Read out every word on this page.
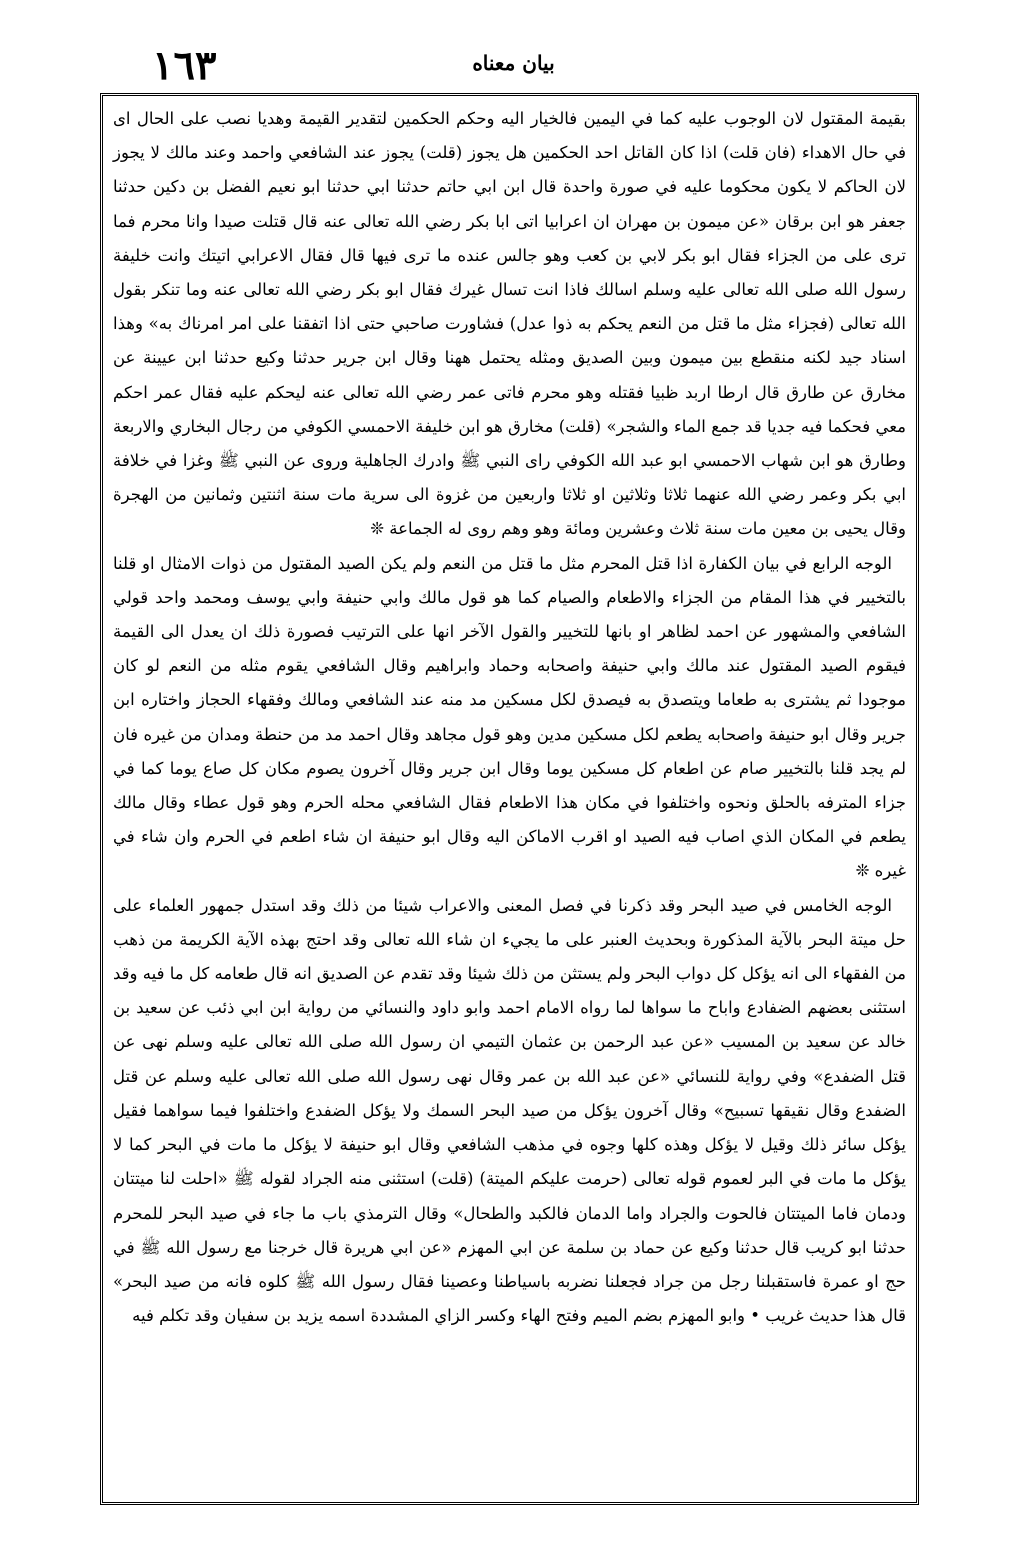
١٦٣	بيان معناه

بقيمة المقتول لان الوجوب عليه كما في اليمين فالخيار اليه وحكم الحكمين لتقدير القيمة وهديا نصب على الحال اى في حال الاهداء (فان قلت) اذا كان القاتل احد الحكمين هل يجوز (قلت) يجوز عند الشافعي واحمد وعند مالك لا يجوز لان الحاكم لا يكون محكوما عليه في صورة واحدة قال ابن ابي حاتم حدثنا ابي حدثنا ابو نعيم الفضل بن دكين حدثنا جعفر هو ابن برقان «عن ميمون بن مهران ان اعرابيا اتى ابا بكر رضي الله تعالى عنه قال قتلت صيدا وانا محرم فما ترى على من الجزاء فقال ابو بكر لابي بن كعب وهو جالس عنده ما ترى فيها قال فقال الاعرابي اتيتك وانت خليفة رسول الله صلى الله تعالى عليه وسلم اسالك فاذا انت تسال غيرك فقال ابو بكر رضي الله تعالى عنه وما تنكر بقول الله تعالى (فجزاء مثل ما قتل من النعم يحكم به ذوا عدل) فشاورت صاحبي حتى اذا اتفقنا على امر امرناك به» وهذا اسناد جيد لكنه منقطع بين ميمون وبين الصديق ومثله يحتمل ههنا وقال ابن جرير حدثنا وكيع حدثنا ابن عيينة عن مخارق عن طارق قال ارطا اربد ظبيا فقتله وهو محرم فاتى عمر رضي الله تعالى عنه ليحكم عليه فقال عمر احكم معي فحكما فيه جديا قد جمع الماء والشجر» (قلت) مخارق هو ابن خليفة الاحمسي الكوفي من رجال البخاري والاربعة وطارق هو ابن شهاب الاحمسي ابو عبد الله الكوفي راى النبي ﷺ وادرك الجاهلية وروى عن النبي ﷺ وغزا في خلافة ابي بكر وعمر رضي الله عنهما ثلاثا وثلاثين او ثلاثا واربعين من غزوة الى سرية مات سنة اثنتين وثمانين من الهجرة وقال يحيى بن معين مات سنة ثلاث وعشرين ومائة وهو وهم روى له الجماعة ❊

الوجه الرابع في بيان الكفارة اذا قتل المحرم مثل ما قتل من النعم ولم يكن الصيد المقتول من ذوات الامثال او قلنا بالتخيير في هذا المقام من الجزاء والاطعام والصيام كما هو قول مالك وابي حنيفة وابي يوسف ومحمد واحد قولي الشافعي والمشهور عن احمد لظاهر او بانها للتخيير والقول الآخر انها على الترتيب فصورة ذلك ان يعدل الى القيمة فيقوم الصيد المقتول عند مالك وابي حنيفة واصحابه وحماد وابراهيم وقال الشافعي يقوم مثله من النعم لو كان موجودا ثم يشترى به طعاما ويتصدق به فيصدق لكل مسكين مد منه عند الشافعي ومالك وفقهاء الحجاز واختاره ابن جرير وقال ابو حنيفة واصحابه يطعم لكل مسكين مدين وهو قول مجاهد وقال احمد مد من حنطة ومدان من غيره فان لم يجد قلنا بالتخيير صام عن اطعام كل مسكين يوما وقال ابن جرير وقال آخرون يصوم مكان كل صاع يوما كما في جزاء المترفه بالحلق ونحوه واختلفوا في مكان هذا الاطعام فقال الشافعي محله الحرم وهو قول عطاء وقال مالك يطعم في المكان الذي اصاب فيه الصيد او اقرب الاماكن اليه وقال ابو حنيفة ان شاء اطعم في الحرم وان شاء في غيره ❊

الوجه الخامس في صيد البحر وقد ذكرنا في فصل المعنى والاعراب شيئا من ذلك وقد استدل جمهور العلماء على حل ميتة البحر بالآية المذكورة وبحديث العنبر على ما يجيء ان شاء الله تعالى وقد احتج بهذه الآية الكريمة من ذهب من الفقهاء الى انه يؤكل كل دواب البحر ولم يستثن من ذلك شيئا وقد تقدم عن الصديق انه قال طعامه كل ما فيه وقد استثنى بعضهم الضفادع واباح ما سواها لما رواه الامام احمد وابو داود والنسائي من رواية ابن ابي ذئب عن سعيد بن خالد عن سعيد بن المسيب «عن عبد الرحمن بن عثمان التيمي ان رسول الله صلى الله تعالى عليه وسلم نهى عن قتل الضفدع» وفي رواية للنسائي «عن عبد الله بن عمر وقال نهى رسول الله صلى الله تعالى عليه وسلم عن قتل الضفدع وقال نقيقها تسبيح» وقال آخرون يؤكل من صيد البحر السمك ولا يؤكل الضفدع واختلفوا فيما سواهما فقيل يؤكل سائر ذلك وقيل لا يؤكل وهذه كلها وجوه في مذهب الشافعي وقال ابو حنيفة لا يؤكل ما مات في البحر كما لا يؤكل ما مات في البر لعموم قوله تعالى (حرمت عليكم الميتة) (قلت) استثنى منه الجراد لقوله ﷺ «احلت لنا ميتتان ودمان فاما الميتتان فالحوت والجراد واما الدمان فالكبد والطحال» وقال الترمذي باب ما جاء في صيد البحر للمحرم حدثنا ابو كريب قال حدثنا وكيع عن حماد بن سلمة عن ابي المهزم «عن ابي هريرة قال خرجنا مع رسول الله ﷺ في حج او عمرة فاستقبلنا رجل من جراد فجعلنا نضربه باسياطنا وعصينا فقال رسول الله ﷺ كلوه فانه من صيد البحر» قال هذا حديث غريب • وابو المهزم بضم الميم وفتح الهاء وكسر الزاي المشددة اسمه يزيد بن سفيان وقد تكلم فيه
